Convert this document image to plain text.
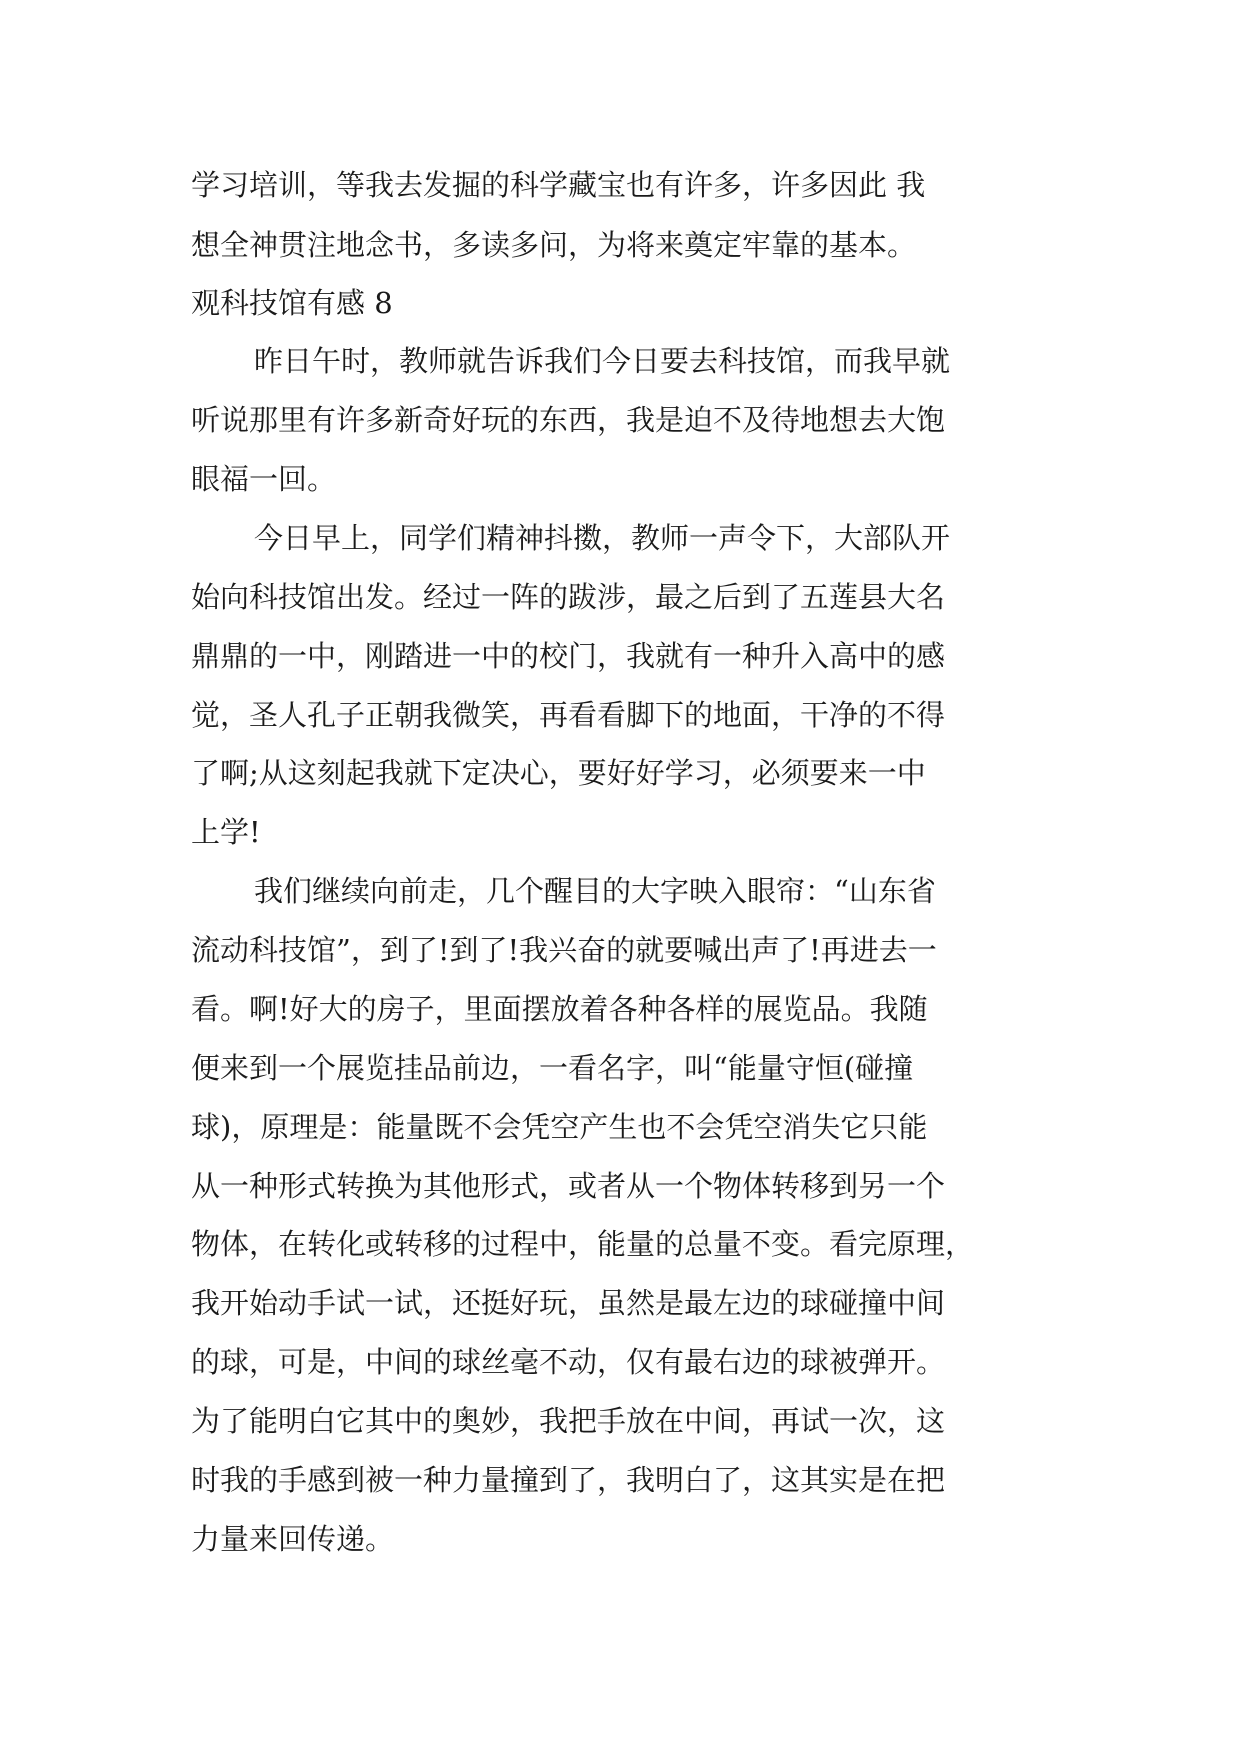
学习培训，等我去发掘的科学藏宝也有许多，许多因此 我
想全神贯注地念书，多读多问，为将来奠定牢靠的基本。
观科技馆有感 8
昨日午时，教师就告诉我们今日要去科技馆，而我早就
听说那里有许多新奇好玩的东西，我是迫不及待地想去大饱
眼福一回。
今日早上，同学们精神抖擞，教师一声令下，大部队开
始向科技馆出发。经过一阵的跋涉，最之后到了五莲县大名
鼎鼎的一中，刚踏进一中的校门，我就有一种升入高中的感
觉，圣人孔子正朝我微笑，再看看脚下的地面，干净的不得
了啊;从这刻起我就下定决心，要好好学习，必须要来一中
上学!
我们继续向前走，几个醒目的大字映入眼帘：“山东省
流动科技馆”，到了!到了!我兴奋的就要喊出声了!再进去一
看。啊!好大的房子，里面摆放着各种各样的展览品。我随
便来到一个展览挂品前边，一看名字，叫“能量守恒(碰撞
球)，原理是：能量既不会凭空产生也不会凭空消失它只能
从一种形式转换为其他形式，或者从一个物体转移到另一个
物体，在转化或转移的过程中，能量的总量不变。看完原理，
我开始动手试一试，还挺好玩，虽然是最左边的球碰撞中间
的球，可是，中间的球丝毫不动，仅有最右边的球被弹开。
为了能明白它其中的奥妙，我把手放在中间，再试一次，这
时我的手感到被一种力量撞到了，我明白了，这其实是在把
力量来回传递。
